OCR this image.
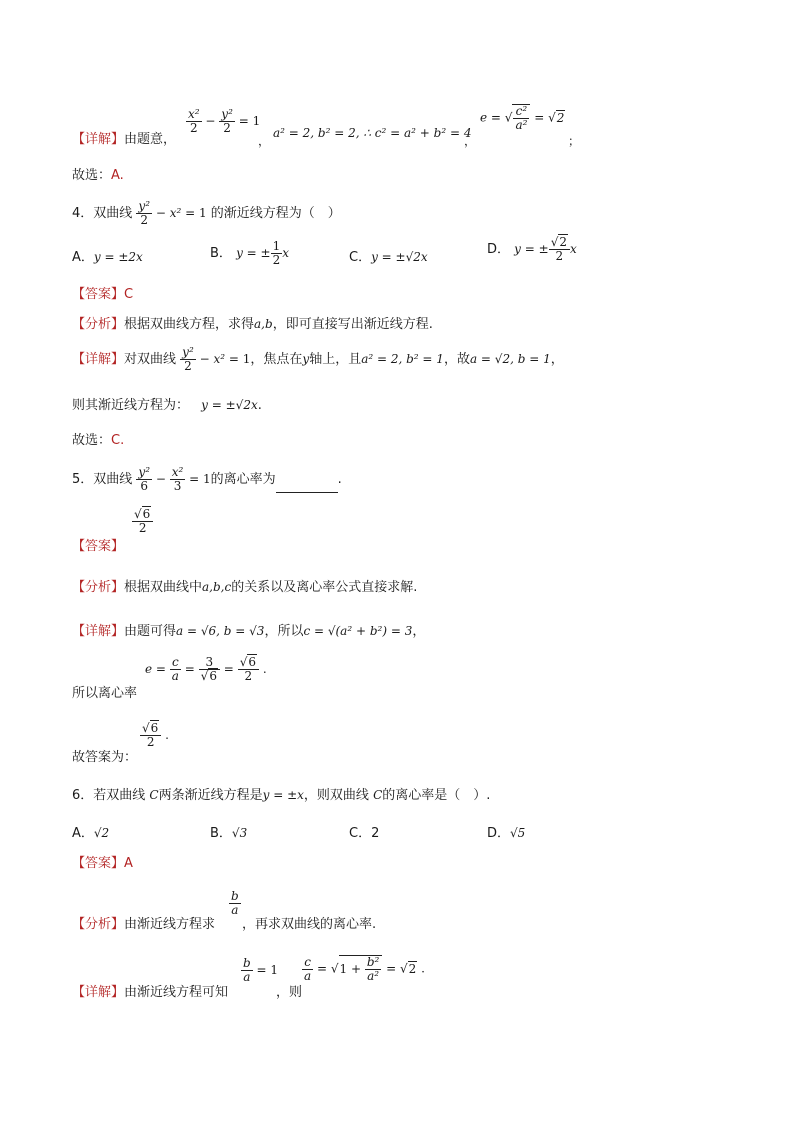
【详解】由题意，
$\frac{\text{x²}}{2} - \frac{\text{y²}}{2} = 1$
，
a² = 2, b² = 2, ∴ c² = a² + b² = 4
，
e = √ $\frac{\text{c²}}{\text{a²}} = √2$
；
故选：A.
4．双曲线 $\frac{\text{y²}}{2} - x^2 = 1$ 的渐近线方程为（　）
A．y = ±2x	B． y = ± $\frac{1}{2}$ x	C．y = ±√2x	D． y = ± $\frac{√2}{2}$ x
【答案】C
【分析】根据双曲线方程，求得a,b，即可直接写出渐近线方程.
【详解】对双曲线 $\frac{\text{y²}}{2} - x^2 = 1$，焦点在y轴上，且a² = 2, b² = 1，故a = √2, b = 1，
则其渐近线方程为： y = ±√2x.
故选：C.
5．双曲线 $\frac{\text{y²}}{6} - \frac{\text{x²}}{3} = 1$的离心率为	.
【答案】
$\frac{√6}{2}$
【分析】根据双曲线中a,b,c的关系以及离心率公式直接求解.
【详解】由题可得a = √6, b = √3，所以c = √(a² + b²) = 3，
所以离心率
$e = \frac{c}{a} = \frac{3}{√6} = \frac{√6}{2}$ .
故答案为：
$\frac{√6}{2}$ .
6．若双曲线 C两条渐近线方程是y = ±x，则双曲线 C的离心率是（　）.
A．√2	B．√3	C．2	D．√5
【答案】A
【分析】由渐近线方程求
$\frac{b}{a}$
，再求双曲线的离心率.
【详解】由渐近线方程可知
$\frac{b}{a} = 1$
，则
$\frac{c}{a} = √1 + \frac{\text{b²}}{\text{a²}} = √2$ .
